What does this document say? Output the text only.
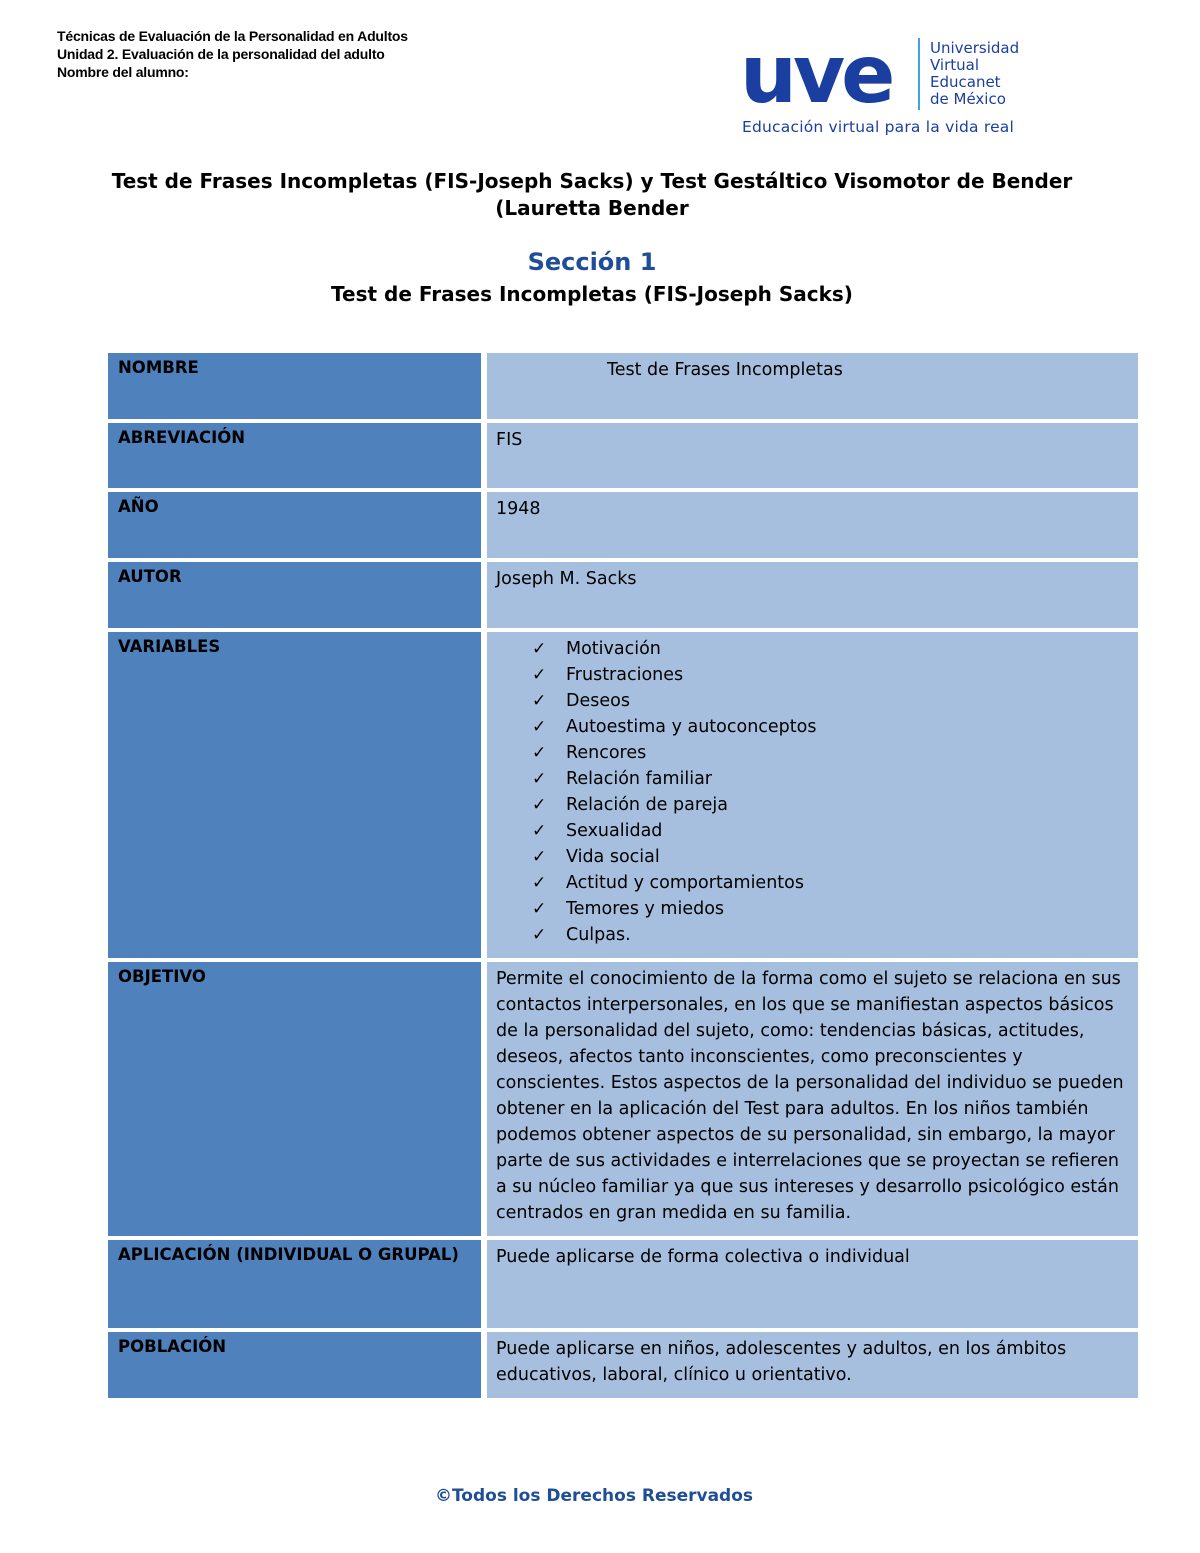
Técnicas de Evaluación de la Personalidad en Adultos
Unidad 2. Evaluación de la personalidad del adulto
Nombre del alumno:	uve	Universidad
Virtual
Educanet
de México
Educación virtual para la vida real
Test de Frases Incompletas (FIS-Joseph Sacks) y Test Gestáltico Visomotor de Bender (Lauretta Bender
Sección 1
Test de Frases Incompletas (FIS-Joseph Sacks)
NOMBRE	Test de Frases Incompletas
ABREVIACIÓN	FIS
AÑO	1948
AUTOR	Joseph M. Sacks
VARIABLES	✓ Motivación
✓ Frustraciones
✓ Deseos
✓ Autoestima y autoconceptos
✓ Rencores
✓ Relación familiar
✓ Relación de pareja
✓ Sexualidad
✓ Vida social
✓ Actitud y comportamientos
✓ Temores y miedos
✓ Culpas.
OBJETIVO	Permite el conocimiento de la forma como el sujeto se relaciona en sus contactos interpersonales, en los que se manifiestan aspectos básicos de la personalidad del sujeto, como: tendencias básicas, actitudes, deseos, afectos tanto inconscientes, como preconscientes y conscientes. Estos aspectos de la personalidad del individuo se pueden obtener en la aplicación del Test para adultos. En los niños también podemos obtener aspectos de su personalidad, sin embargo, la mayor parte de sus actividades e interrelaciones que se proyectan se refieren a su núcleo familiar ya que sus intereses y desarrollo psicológico están centrados en gran medida en su familia.
APLICACIÓN (INDIVIDUAL O GRUPAL)	Puede aplicarse de forma colectiva o individual
POBLACIÓN	Puede aplicarse en niños, adolescentes y adultos, en los ámbitos educativos, laboral, clínico u orientativo.
©Todos los Derechos Reservados
